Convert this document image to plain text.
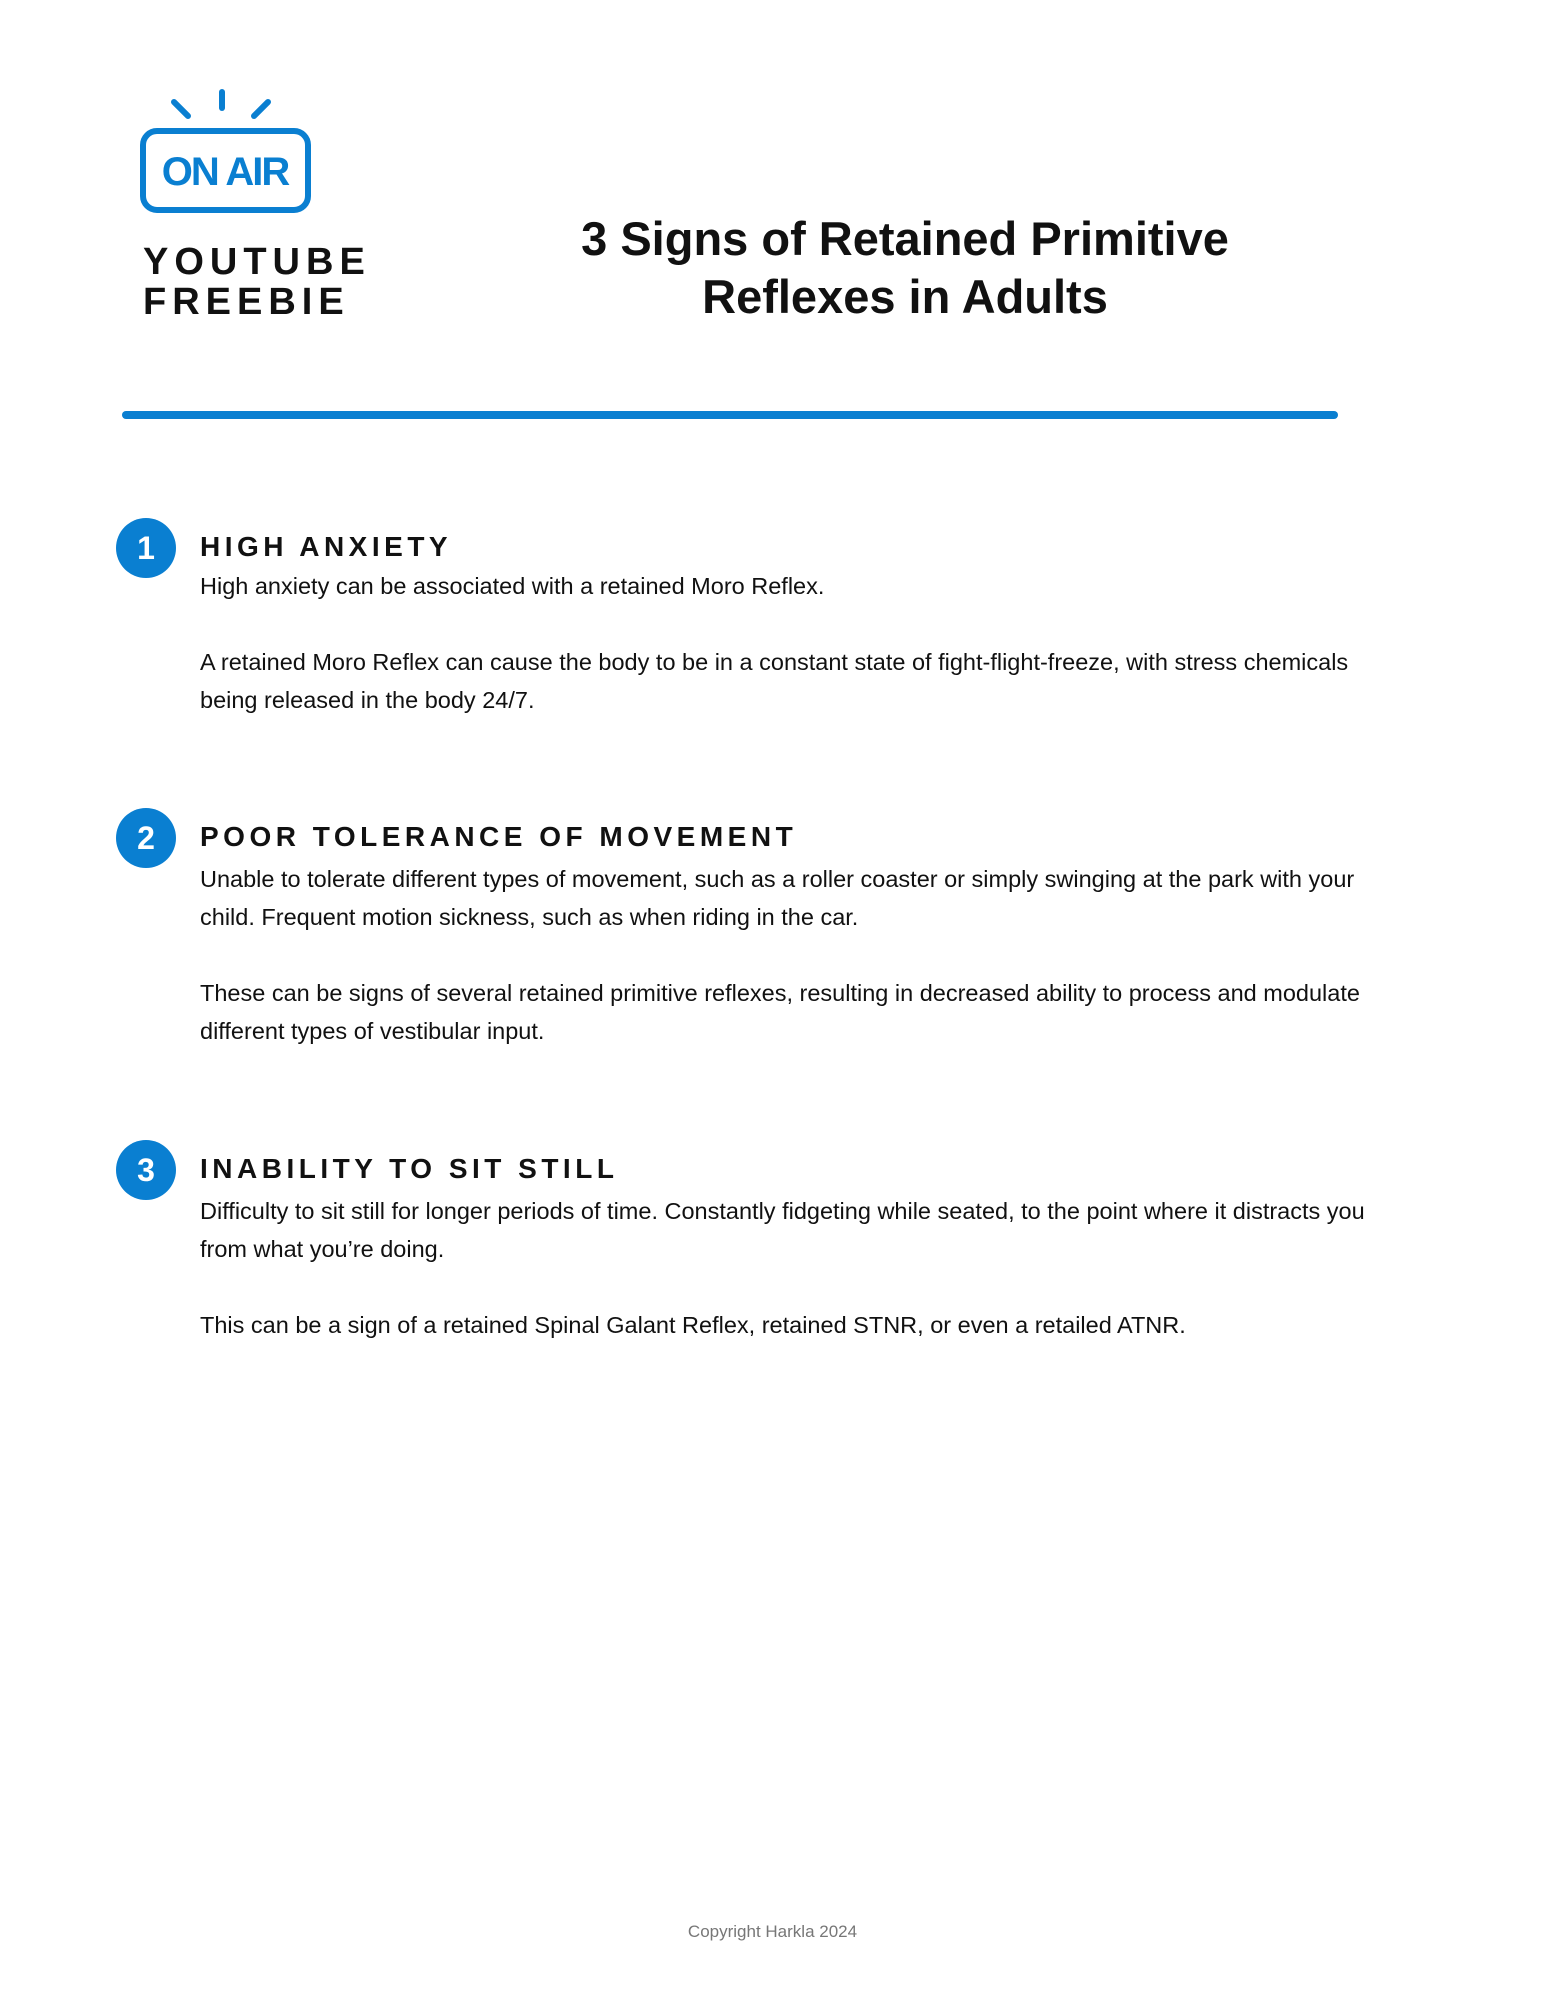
ON AIR
YOUTUBE
FREEBIE
3 Signs of Retained Primitive
Reflexes in Adults
1	HIGH ANXIETY
High anxiety can be associated with a retained Moro Reflex.
A retained Moro Reflex can cause the body to be in a constant state of fight-flight-freeze, with stress chemicals
being released in the body 24/7.
2	POOR TOLERANCE OF MOVEMENT
Unable to tolerate different types of movement, such as a roller coaster or simply swinging at the park with your
child. Frequent motion sickness, such as when riding in the car.
These can be signs of several retained primitive reflexes, resulting in decreased ability to process and modulate
different types of vestibular input.
3	INABILITY TO SIT STILL
Difficulty to sit still for longer periods of time. Constantly fidgeting while seated, to the point where it distracts you
from what you’re doing.
This can be a sign of a retained Spinal Galant Reflex, retained STNR, or even a retailed ATNR.
Copyright Harkla 2024
